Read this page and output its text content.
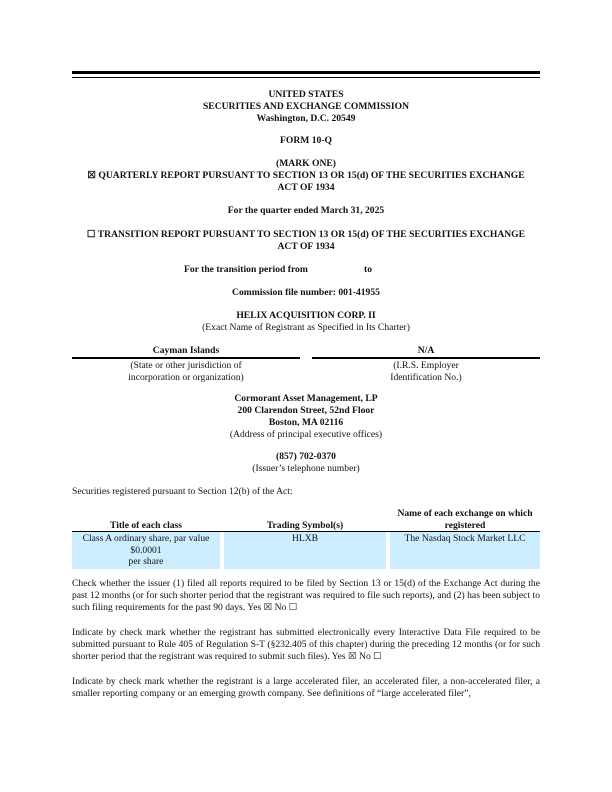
UNITED STATES
SECURITIES AND EXCHANGE COMMISSION
Washington, D.C. 20549
FORM 10-Q
(MARK ONE)
☒ QUARTERLY REPORT PURSUANT TO SECTION 13 OR 15(d) OF THE SECURITIES EXCHANGE
ACT OF 1934
For the quarter ended March 31, 2025
☐ TRANSITION REPORT PURSUANT TO SECTION 13 OR 15(d) OF THE SECURITIES EXCHANGE
ACT OF 1934
For the transition period from	to
Commission file number: 001-41955
HELIX ACQUISITION CORP. II
(Exact Name of Registrant as Specified in Its Charter)
Cayman Islands
(State or other jurisdiction of
incorporation or organization)
N/A
(I.R.S. Employer
Identification No.)
Cormorant Asset Management, LP
200 Clarendon Street, 52nd Floor
Boston, MA 02116
(Address of principal executive offices)
(857) 702-0370
(Issuer’s telephone number)
Securities registered pursuant to Section 12(b) of the Act:
Title of each class		Trading Symbol(s)		Name of each exchange on which
registered

Class A ordinary share, par value
$0.0001
per share		HLXB		The Nasdaq Stock Market LLC
Check whether the issuer (1) filed all reports required to be filed by Section 13 or 15(d) of the Exchange Act during the past 12 months (or for such shorter period that the registrant was required to file such reports), and (2) has been subject to such filing requirements for the past 90 days. Yes ☒ No ☐
Indicate by check mark whether the registrant has submitted electronically every Interactive Data File required to be submitted pursuant to Rule 405 of Regulation S-T (§232.405 of this chapter) during the preceding 12 months (or for such shorter period that the registrant was required to submit such files). Yes ☒ No ☐
Indicate by check mark whether the registrant is a large accelerated filer, an accelerated filer, a non-accelerated filer, a smaller reporting company or an emerging growth company. See definitions of “large accelerated filer”,
